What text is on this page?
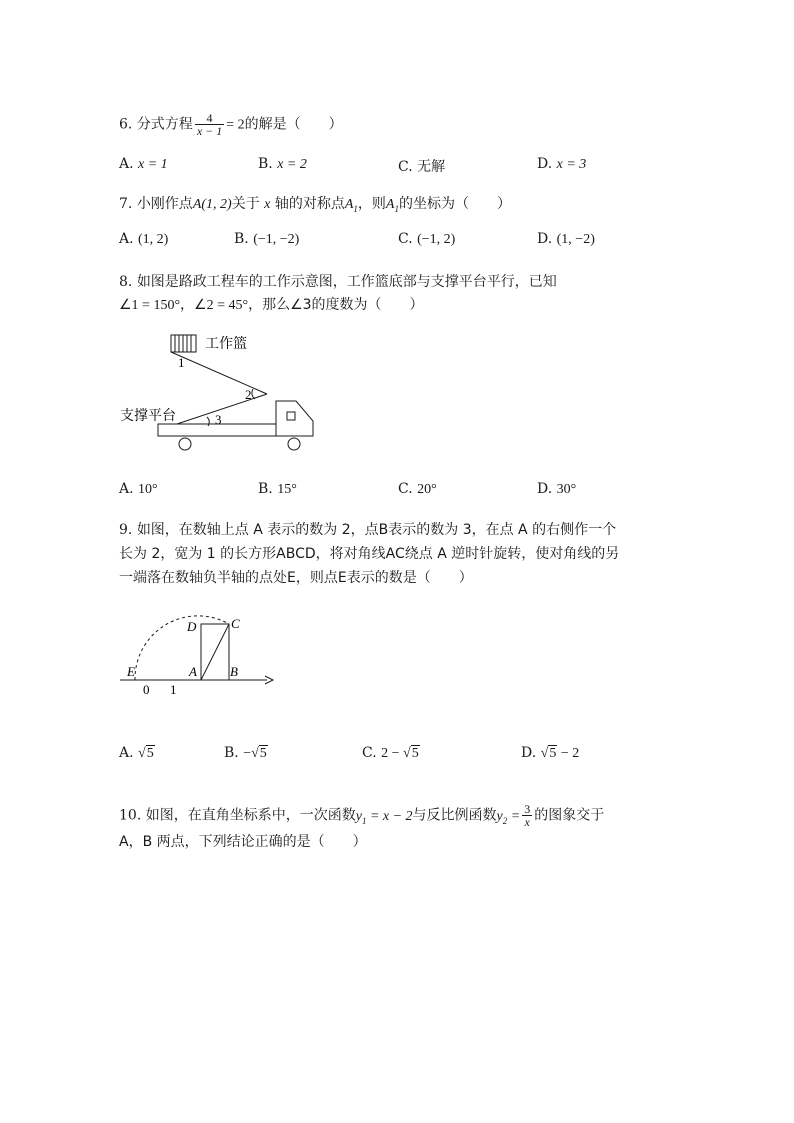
6. 分式方程 $\frac{4}{x - 1} = 2$的解是（　　）
A. x = 1	B. x = 2	C. 无解	D. x = 3
7. 小刚作点A(1, 2)关于 x 轴的对称点$A_1$，则$A_1$的坐标为（　　）
A. (1, 2)	B. (−1, −2)	C. (−1, 2)	D. (1, −2)
8. 如图是路政工程车的工作示意图，工作篮底部与支撑平台平行，已知
∠1 = 150°，∠2 = 45°，那么∠3的度数为（　　）
工作篮
1
2
3
支撑平台
A. 10°	B. 15°	C. 20°	D. 30°
9. 如图，在数轴上点 A 表示的数为 2，点B表示的数为 3，在点 A 的右侧作一个
长为 2，宽为 1 的长方形ABCD，将对角线AC绕点 A 逆时针旋转，使对角线的另
一端落在数轴负半轴的点处E，则点E表示的数是（　　）
D	C
E	A	B
0 1
A. √5	B. −√5	C. 2 − √5	D. √5 − 2
10. 如图，在直角坐标系中，一次函数$y_1 = x - 2$与反比例函数$y_2 = \frac{3}{x}$ 的图象交于
A，B 两点，下列结论正确的是（　　）
